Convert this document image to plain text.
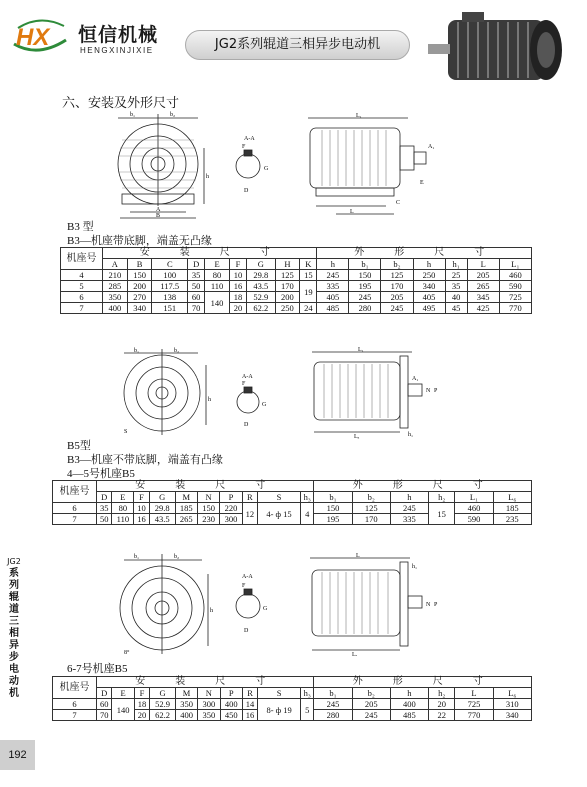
HX 恒信机械
HENGXINJIXIE	JG2系列辊道三相异步电动机
六、安装及外形尺寸
b₁	b₂
A
B
h
A-A
F
G
D
L₁
C
L
A₁
E
B3 型
B3—机座带底脚，端盖无凸缘
机座号	安　装　尺　寸									外　形　尺　寸						
	A	B	C	D	E	F	G	H	K	h	b₁	b₂	h	h₁	L	L₁
4	210	150	100	35	80	10	29.8	125	15	245	150	125	250	25	205	460
5	285	200	117.5	50	110	16	43.5	170	19	335	195	170	340	35	265	590
6	350	270	138	60	140	18	52.9	200		405	245	205	405	40	345	725
7	400	340	151	70		20	62.2	250	24	485	280	245	495	45	425	770
b₁	b₂
h
S
A-A
F
G
D
L₁
Lₐ
A₁
N P
h₁
B5型
B3—机座不带底脚，端盖有凸缘
4—5号机座B5
机座号	安　装　尺　寸										外　形　尺　寸					
	D	E	F	G	M	N	P	R	S	h₃	b₁	b₂	h	h₂	L₁	L₆
6	35	80	10	29.8	185	150	220	12	4- ф 15	4	150	125	245	15	460	185
7	50	110	16	43.5	265	230	300				195	170	335		590	235
b₁	b₂
h
8°
A-A
F
G
D
L
Lₐ
h₁
N P
6-7号机座B5
机座号	安　装　尺　寸										外　形　尺　寸					
	D	E	F	G	M	N	P	R	S	h₃	b₁	b₂	h	h₂	L	L₆
6	60	140	18	52.9	350	300	400	14	8- ф 19	5	245	205	400	20	725	310
7	70		20	62.2	400	350	450	16			280	245	485	22	770	340
JG2
系
列
辊
道
三
相
异
步
电
动
机
192
